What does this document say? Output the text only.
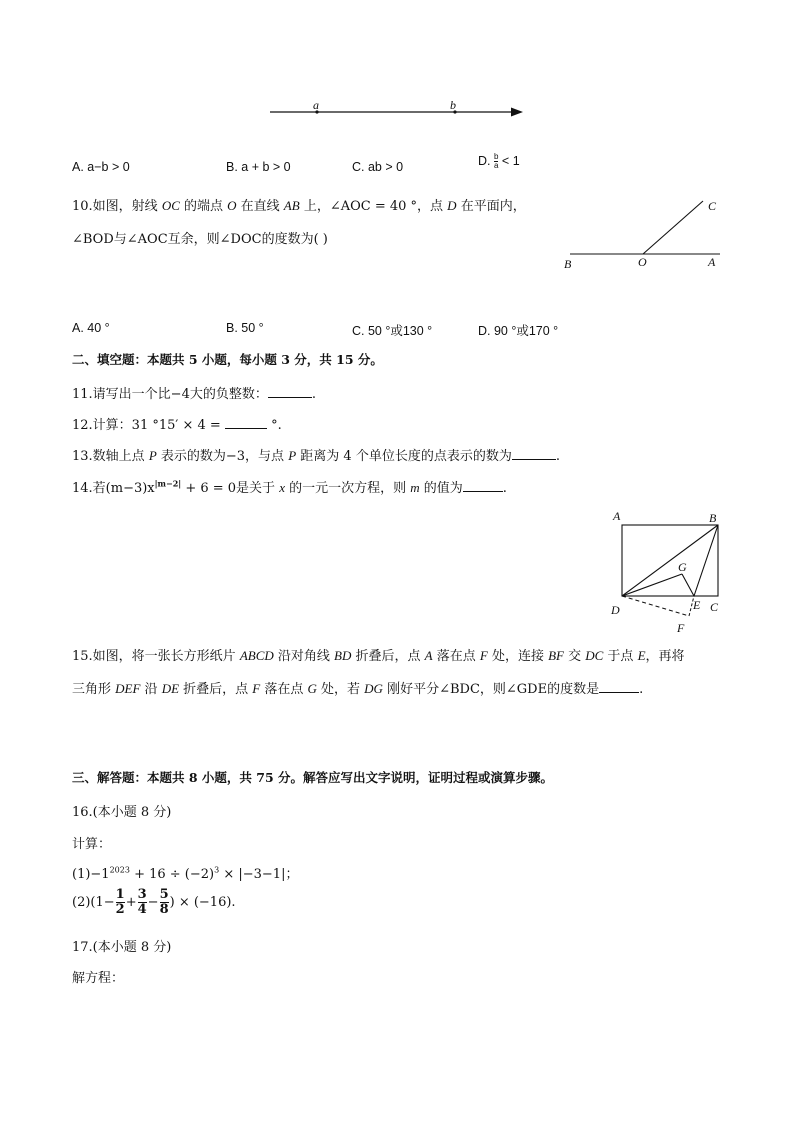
a	b
A. a−b > 0	B. a + b > 0	C. ab > 0	D. $\frac{b}{a} < 1$
10.如图，射线 OC 的端点 O 在直线 AB 上，∠AOC = 40 °，点 D 在平面内，
∠BOD与∠AOC互余，则∠DOC的度数为( )
B	O	A
C
A. 40 °	B. 50 °	C. 50 °或130 °	D. 90 °或170 °
二、填空题：本题共 5 小题，每小题 3 分，共 15 分。
11.请写出一个比−4大的负整数：	.
12.计算：31 °15′ × 4 =	°.
13.数轴上点 P 表示的数为−3，与点 P 距离为 4 个单位长度的点表示的数为	.
14.若$(m-3)x^{|m-2|} + 6 = 0$是关于 x 的一元一次方程，则 m 的值为	.
A	B
G
D	E C
F
15.如图，将一张长方形纸片 ABCD 沿对角线 BD 折叠后，点 A 落在点 F 处，连接 BF 交 DC 于点 E，再将
三角形 DEF 沿 DE 折叠后，点 F 落在点 G 处，若 DG 刚好平分∠BDC，则∠GDE的度数是	.
三、解答题：本题共 8 小题，共 75 分。解答应写出文字说明，证明过程或演算步骤。
16.(本小题 8 分)
计算：
$(1)-1^{2023} + 16 \div (-2)^3 \times |-3-1|$；
$(2)(1- \frac{1}{2} + \frac{3}{4} - \frac{5}{8}$ ) × (−16).
17.(本小题 8 分)
解方程：
